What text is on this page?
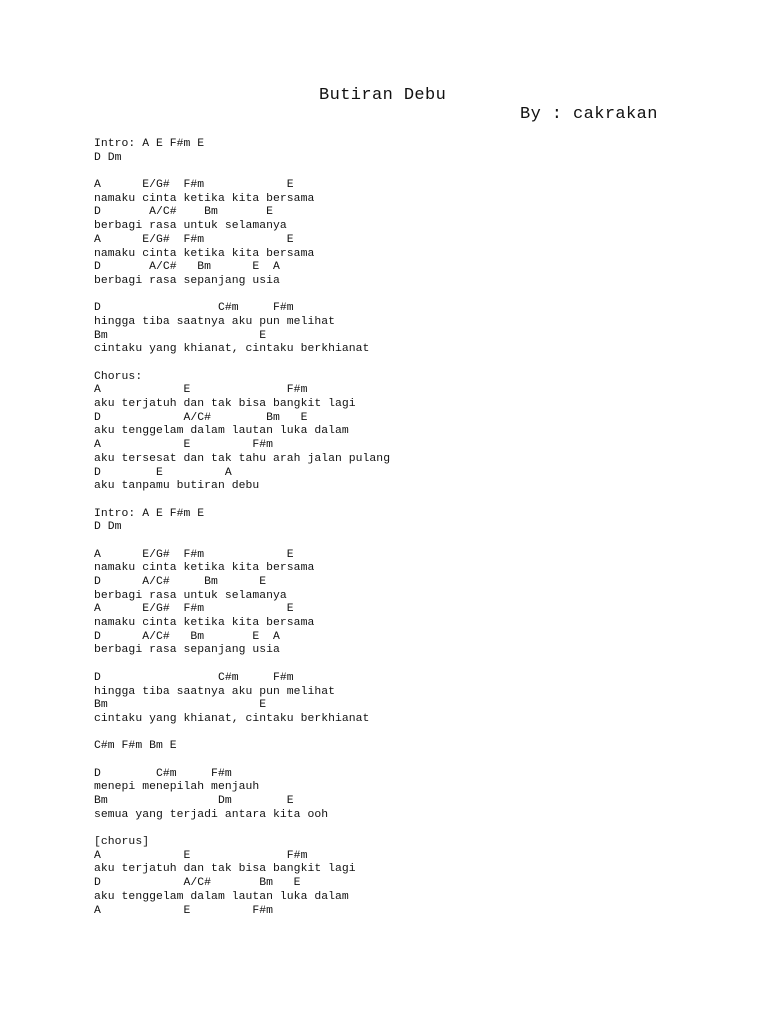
Butiran Debu
By : cakrakan
Intro: A E F#m E
D Dm
A      E/G#  F#m            E
namaku cinta ketika kita bersama
D       A/C#    Bm       E
berbagi rasa untuk selamanya
A      E/G#  F#m            E
namaku cinta ketika kita bersama
D       A/C#   Bm      E  A
berbagi rasa sepanjang usia
D                 C#m     F#m
hingga tiba saatnya aku pun melihat
Bm                      E
cintaku yang khianat, cintaku berkhianat
Chorus:
A            E              F#m
aku terjatuh dan tak bisa bangkit lagi
D            A/C#        Bm   E
aku tenggelam dalam lautan luka dalam
A            E         F#m
aku tersesat dan tak tahu arah jalan pulang
D        E         A
aku tanpamu butiran debu
Intro: A E F#m E
D Dm
A      E/G#  F#m            E
namaku cinta ketika kita bersama
D      A/C#     Bm      E
berbagi rasa untuk selamanya
A      E/G#  F#m            E
namaku cinta ketika kita bersama
D      A/C#   Bm       E  A
berbagi rasa sepanjang usia
D                 C#m     F#m
hingga tiba saatnya aku pun melihat
Bm                      E
cintaku yang khianat, cintaku berkhianat
C#m F#m Bm E
D        C#m     F#m
menepi menepilah menjauh
Bm                Dm        E
semua yang terjadi antara kita ooh
[chorus]
A            E              F#m
aku terjatuh dan tak bisa bangkit lagi
D            A/C#       Bm   E
aku tenggelam dalam lautan luka dalam
A            E         F#m
